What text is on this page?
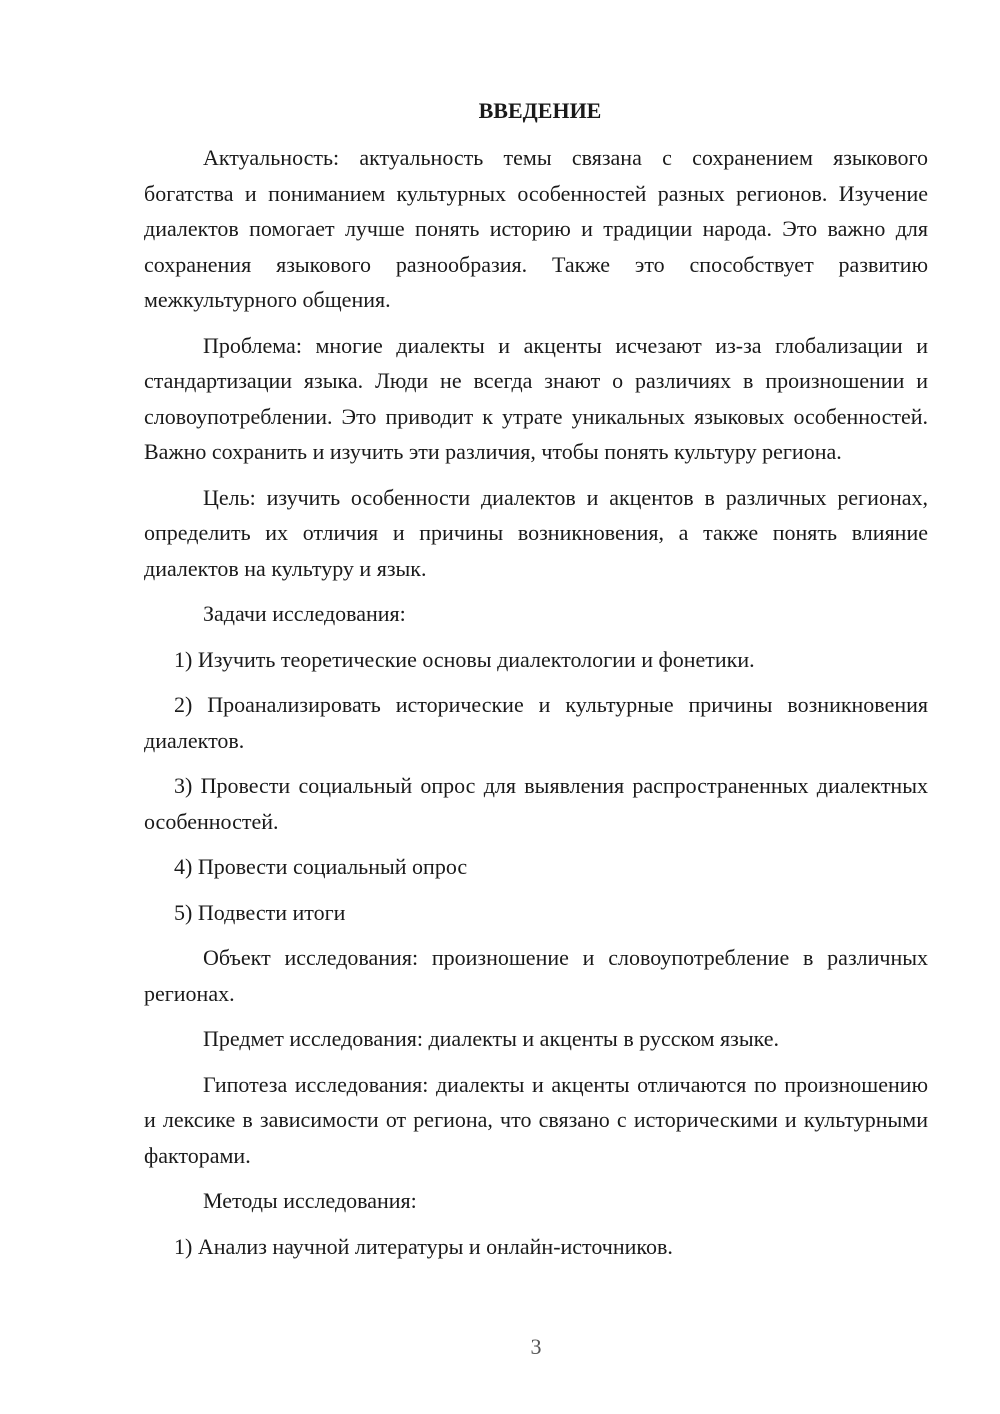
ВВЕДЕНИЕ

Актуальность: актуальность темы связана с сохранением языкового богатства и пониманием культурных особенностей разных регионов. Изучение диалектов помогает лучше понять историю и традиции народа. Это важно для сохранения языкового разнообразия. Также это способствует развитию межкультурного общения.

Проблема: многие диалекты и акценты исчезают из-за глобализации и стандартизации языка. Люди не всегда знают о различиях в произношении и словоупотреблении. Это приводит к утрате уникальных языковых особенностей. Важно сохранить и изучить эти различия, чтобы понять культуру региона.

Цель: изучить особенности диалектов и акцентов в различных регионах, определить их отличия и причины возникновения, а также понять влияние диалектов на культуру и язык.

Задачи исследования:

1) Изучить теоретические основы диалектологии и фонетики.

2) Проанализировать исторические и культурные причины возникновения диалектов.

3) Провести социальный опрос для выявления распространенных диалектных особенностей.

4) Провести социальный опрос

5) Подвести итоги

Объект исследования: произношение и словоупотребление в различных регионах.

Предмет исследования: диалекты и акценты в русском языке.

Гипотеза исследования: диалекты и акценты отличаются по произношению и лексике в зависимости от региона, что связано с историческими и культурными факторами.

Методы исследования:

1) Анализ научной литературы и онлайн-источников.

3
